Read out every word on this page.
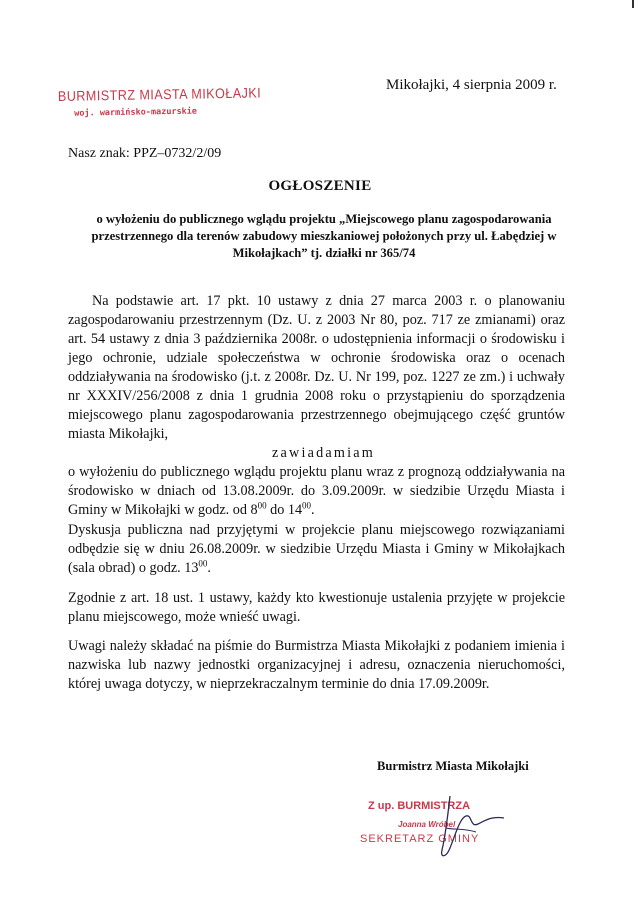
BURMISTRZ MIASTA MIKOŁAJKI
woj. warmińsko-mazurskie
Mikołajki, 4 sierpnia 2009 r.
Nasz znak: PPZ–0732/2/09
OGŁOSZENIE
o wyłożeniu do publicznego wglądu projektu „Miejscowego planu zagospodarowania przestrzennego dla terenów zabudowy mieszkaniowej położonych przy ul. Łabędziej w Mikołajkach” tj. działki nr 365/74
Na podstawie art. 17 pkt. 10 ustawy z dnia 27 marca 2003 r. o planowaniu zagospodarowaniu przestrzennym (Dz. U. z 2003 Nr 80, poz. 717 ze zmianami) oraz art. 54 ustawy z dnia 3 października 2008r. o udostępnienia informacji o środowisku i jego ochronie, udziale społeczeństwa w ochronie środowiska oraz o ocenach oddziaływania na środowisko (j.t. z 2008r. Dz. U. Nr 199, poz. 1227 ze zm.) i uchwały nr XXXIV/256/2008 z dnia 1 grudnia 2008 roku o przystąpieniu do sporządzenia miejscowego planu zagospodarowania przestrzennego obejmującego część gruntów miasta Mikołajki,
zawiadamiam
o wyłożeniu do publicznego wglądu projektu planu wraz z prognozą oddziaływania na środowisko w dniach od 13.08.2009r. do 3.09.2009r. w siedzibie Urzędu Miasta i Gminy w Mikołajki w godz. od $8^{00}$ do $14^{00}$.
Dyskusja publiczna nad przyjętymi w projekcie planu miejscowego rozwiązaniami odbędzie się w dniu 26.08.2009r. w siedzibie Urzędu Miasta i Gminy w Mikołajkach (sala obrad) o godz. $13^{00}$.
Zgodnie z art. 18 ust. 1 ustawy, każdy kto kwestionuje ustalenia przyjęte w projekcie planu miejscowego, może wnieść uwagi.
Uwagi należy składać na piśmie do Burmistrza Miasta Mikołajki z podaniem imienia i nazwiska lub nazwy jednostki organizacyjnej i adresu, oznaczenia nieruchomości, której uwaga dotyczy, w nieprzekraczalnym terminie do dnia 17.09.2009r.
Burmistrz Miasta Mikołajki
Z up. BURMISTRZA
Joanna Wróbel
SEKRETARZ GMINY
